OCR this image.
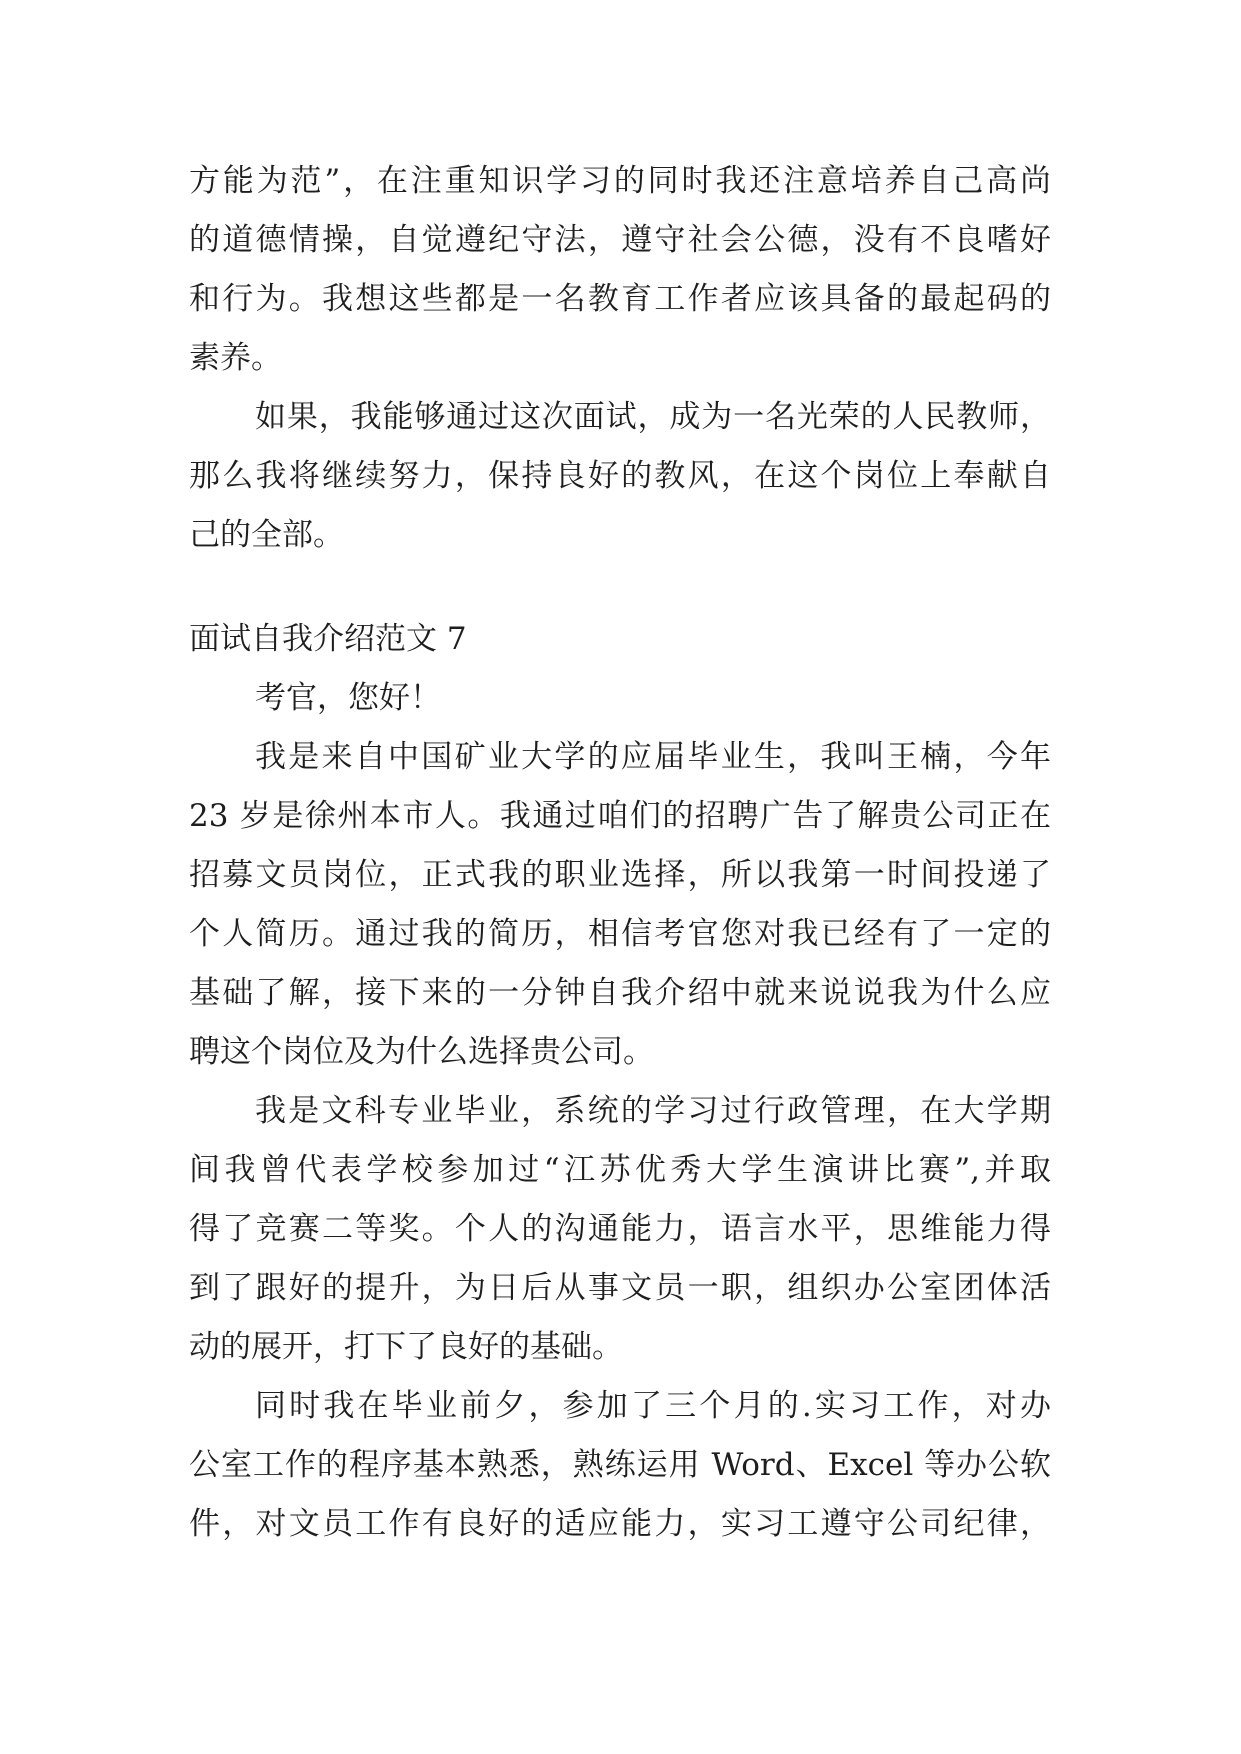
方能为范”，在注重知识学习的同时我还注意培养自己高尚
的道德情操，自觉遵纪守法，遵守社会公德，没有不良嗜好
和行为。我想这些都是一名教育工作者应该具备的最起码的
素养。
如果，我能够通过这次面试，成为一名光荣的人民教师，
那么我将继续努力，保持良好的教风，在这个岗位上奉献自
己的全部。
面试自我介绍范文 7
考官，您好！
我是来自中国矿业大学的应届毕业生，我叫王楠，今年
23 岁是徐州本市人。我通过咱们的招聘广告了解贵公司正在
招募文员岗位，正式我的职业选择，所以我第一时间投递了
个人简历。通过我的简历，相信考官您对我已经有了一定的
基础了解，接下来的一分钟自我介绍中就来说说我为什么应
聘这个岗位及为什么选择贵公司。
我是文科专业毕业，系统的学习过行政管理，在大学期
间我曾代表学校参加过“江苏优秀大学生演讲比赛”,并取
得了竞赛二等奖。个人的沟通能力，语言水平，思维能力得
到了跟好的提升，为日后从事文员一职，组织办公室团体活
动的展开，打下了良好的基础。
同时我在毕业前夕，参加了三个月的.实习工作，对办
公室工作的程序基本熟悉，熟练运用 Word、Excel 等办公软
件，对文员工作有良好的适应能力，实习工遵守公司纪律，
